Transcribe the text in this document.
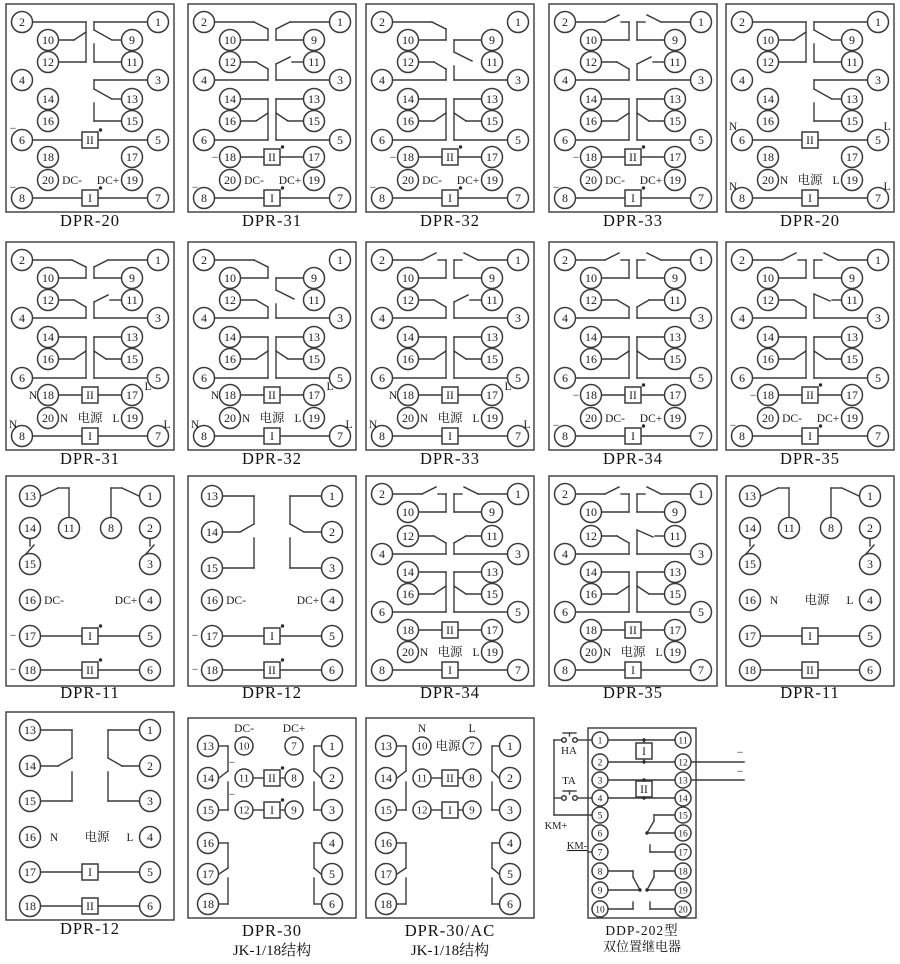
II
I
2
10
12
4
14
16
6
18
20
8
1
9
11
3
13
15
5
17
19
7
−
DC- DC+
−
DPR-20
II
I
2
10
12
4
14
16
6
18
20
8
1
9
11
3
13
15
5
17
19
7
−
DC- DC+
−
DPR-31
II
I
2
10
12
4
14
16
6
18
20
8
1
9
11
3
13
15
5
17
19
7
−
DC- DC+
−
DPR-32
II
I
2
10
12
4
14
16
6
18
20
8
1
9
11
3
13
15
5
17
19
7
−
DC- DC+
−
DPR-33
II
I
2
10
12
4
14
16
6
18
20
8
1
9
11
3
13
15
5
17
19
7
N	L
N 电源 L
N	L
DPR-20
II
I
2
10
12
4
14
16
6
18
20
8
1
9
11
3
13
15
5
17
19
7
N
L
N 电源 L
N	L
DPR-31
II
I
2
10
12
4
14
16
6
18
20
8
1
9
11
3
13
15
5
17
19
7
N
L
N 电源 L
N	L
DPR-32
II
I
2
10
12
4
14
16
6
18
20
8
1
9
11
3
13
15
5
17
19
7
N
L
N 电源 L
N	L
DPR-33
II
I
2
10
12
4
14
16
6
18
20
8
1
9
11
3
13
15
5
17
19
7
−
DC- DC+
−
DPR-34
II
I
2
10
12
4
14
16
6
18
20
8
1
9
11
3
13
15
5
17
19
7
−
DC- DC+
−
DPR-35
I
II
13	1
14 11	8	2
15	3
16	4
17	5
18	6
DC-	DC+
−
−
DPR-11
I
II
13	1
14	2
15	3
16	4
17	5
18	6
DC-	DC+
−
−
DPR-12
II
I
2
10
12
4
14
16
6
18
20
8
1
9
11
3
13
15
5
17
19
7
N 电源 L
DPR-34
II
I
2
10
12
4
14
16
6
18
20
8
1
9
11
3
13
15
5
17
19
7
N 电源 L
DPR-35
I
II
13	1
14 11	8	2
15	3
16	4
17	5
18	6
N 电源 L
DPR-11
I
II
13	1
14	2
15	3
16	4
17	5
18	6
N 电源 L
DPR-12
II
I
13
14
15
16
17
18
1
2
3
4
5
6
10	7
11	8
12	9
DC-	DC+
−
−
DPR-30
JK-1/18结构
II
I
13
14
15
16
17
18
1
2
3
4
5
6
10	7
11	8
12	9
N	L
电源
DPR-30/AC
JK-1/18结构
I
II
1
2
3
4
5
6
7
8
9
10
11
12
13
14
15
16
17
18
19
20
HA
TA
KM+
KM-
−
−
DDP-202型
双位置继电器
